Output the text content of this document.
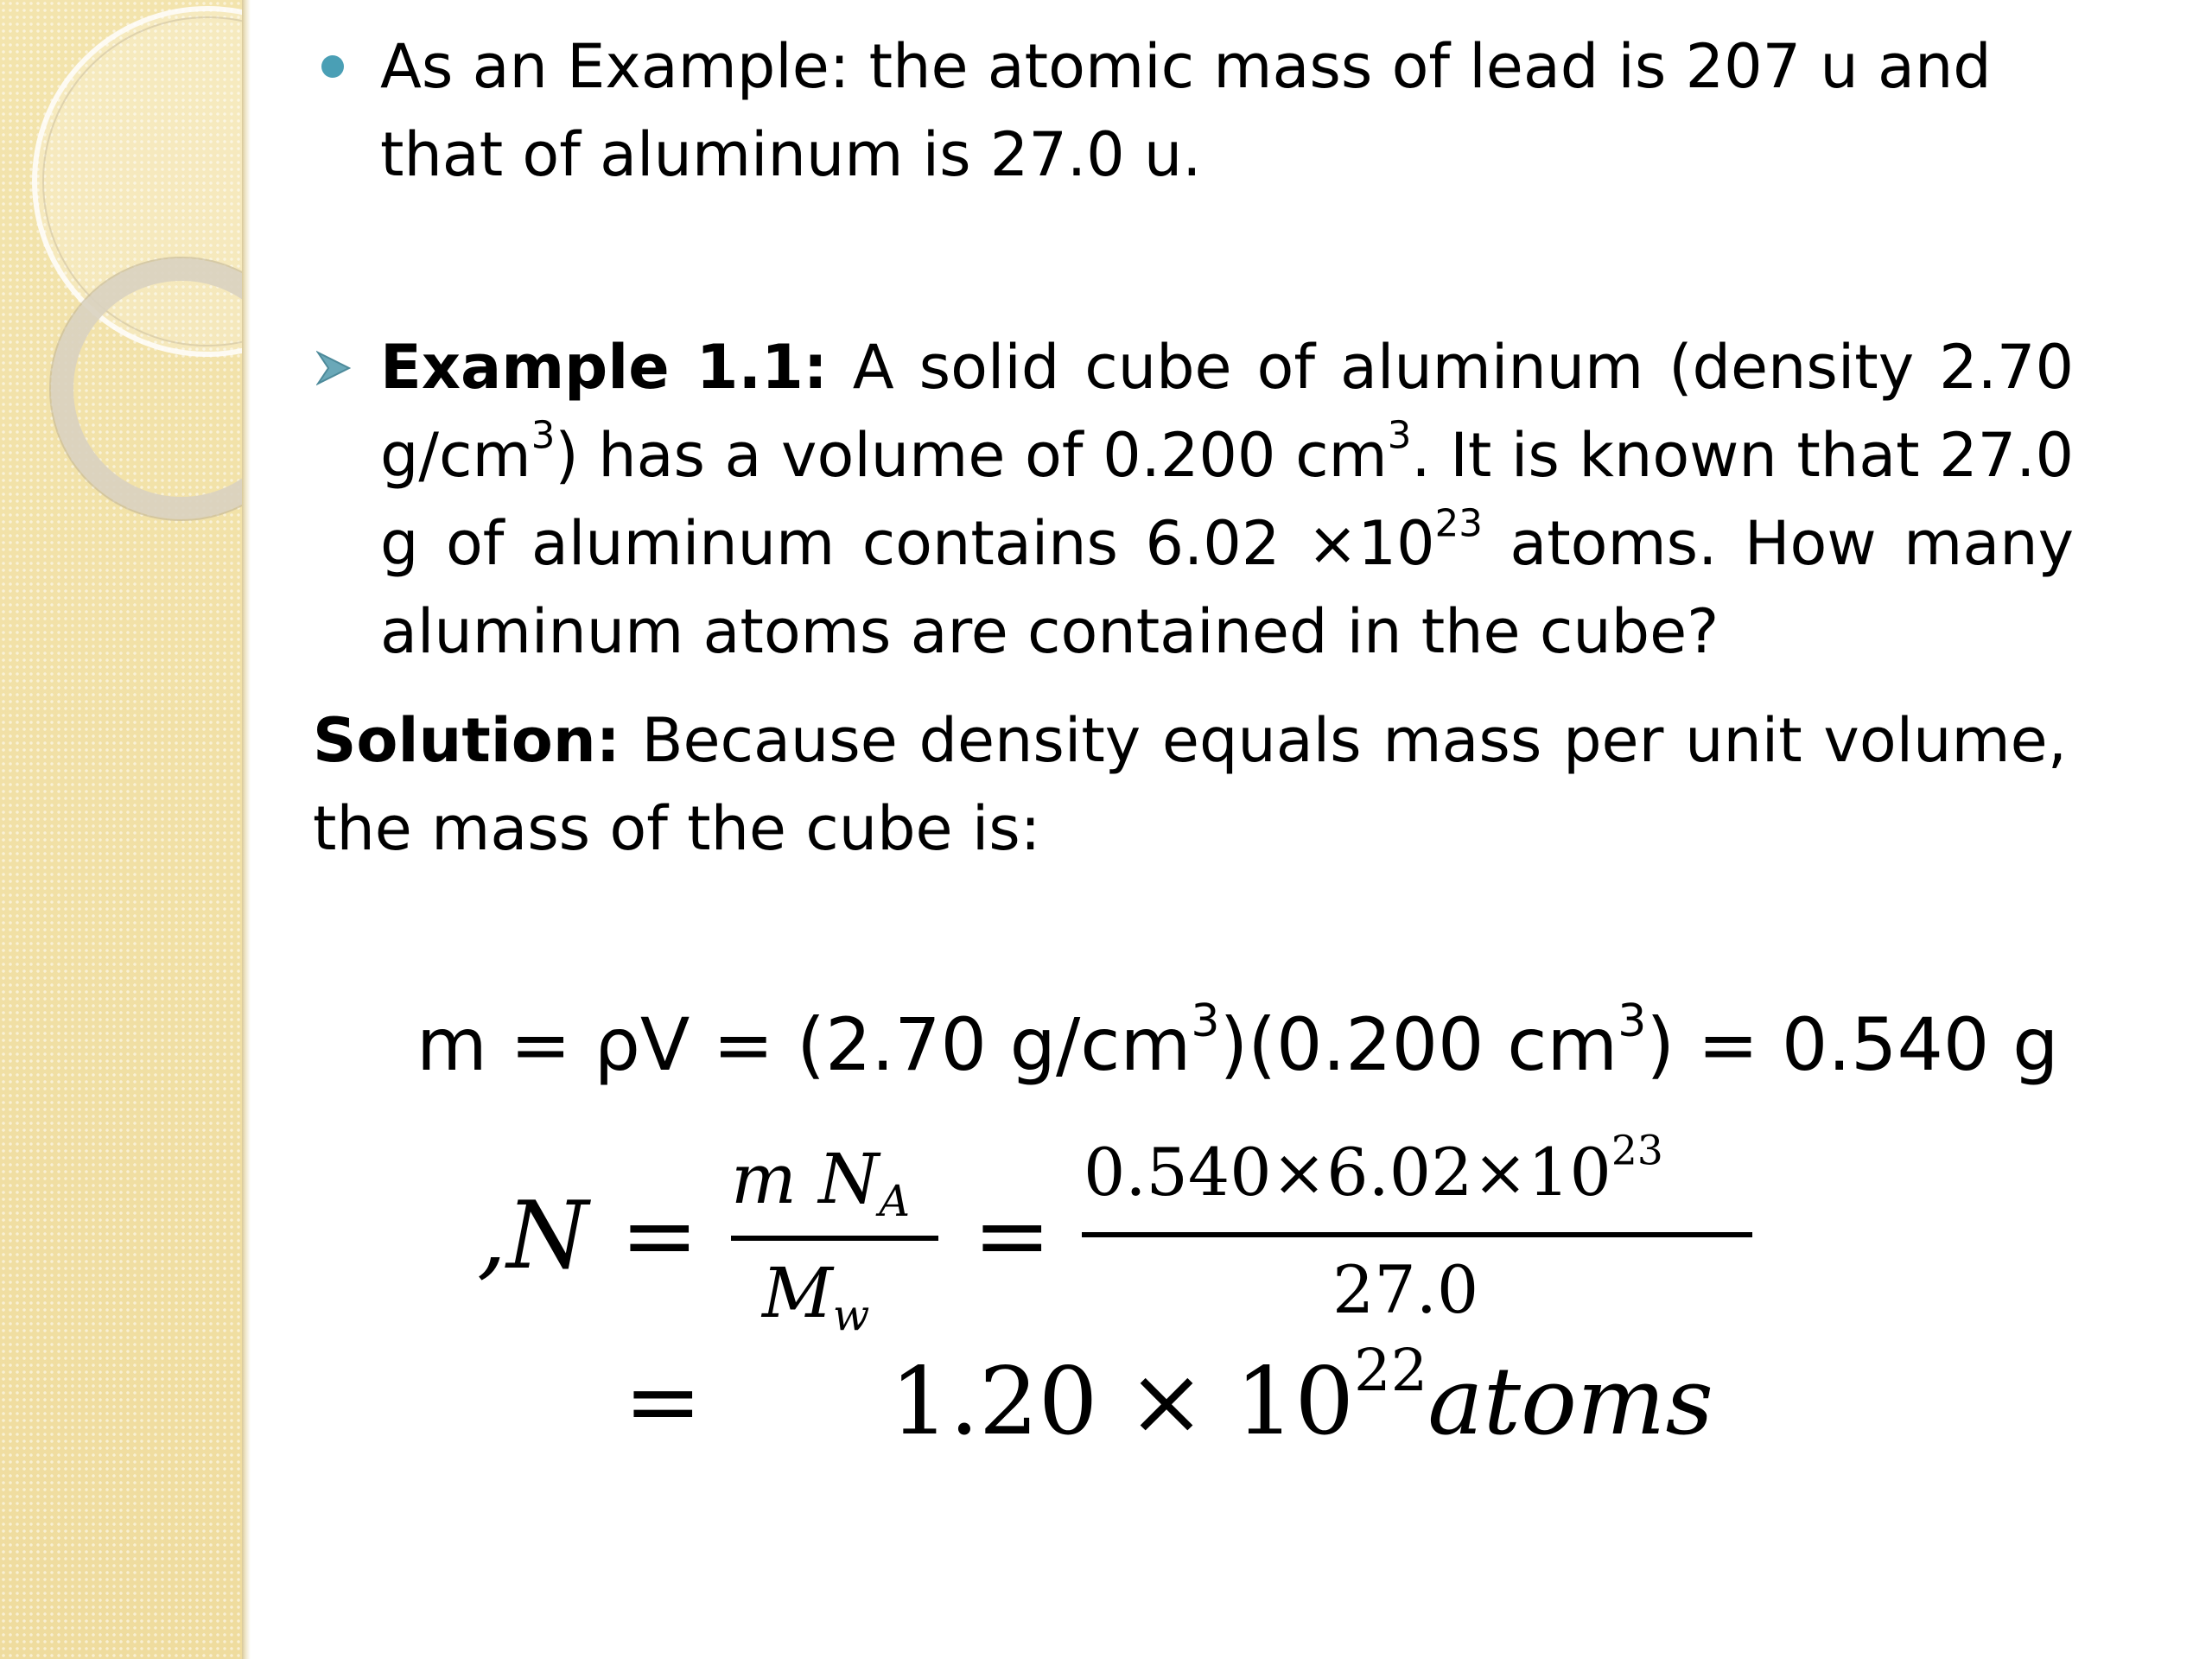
As an Example: the atomic mass of lead is 207 u and
that of aluminum is 27.0 u.
Example 1.1: A solid cube of aluminum (density 2.70 $g/cm^3$) has a volume of 0.200 $cm^3$. It is known that 27.0 g of aluminum contains $6.02 \times 10^{23}$ atoms. How many aluminum atoms are contained in the cube?
Solution: Because density equals mass per unit volume, the mass of the cube is:
m = ρV = (2.70 $g/cm^3)(0.200$ $cm^3) = 0.540$ g
,N =
m $N_A$
$M_w$
=
$0.540\times 6.02\times 10^{23}$
27.0
= $1.20 \times 10^{22}atoms$
